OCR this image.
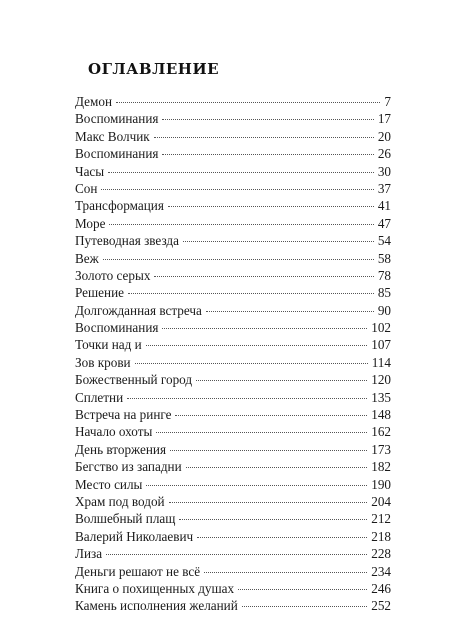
оглавление
Демон	7
Воспоминания	17
Макс Волчик	20
Воспоминания	26
Часы	30
Сон	37
Трансформация	41
Море	47
Путеводная звезда	54
Веж	58
Золото серых	78
Решение	85
Долгожданная встреча	90
Воспоминания	102
Точки над и	107
Зов крови	114
Божественный город	120
Сплетни	135
Встреча на ринге	148
Начало охоты	162
День вторжения	173
Бегство из западни	182
Место силы	190
Храм под водой	204
Волшебный плащ	212
Валерий Николаевич	218
Лиза	228
Деньги решают не всё	234
Книга о похищенных душах	246
Камень исполнения желаний	252
